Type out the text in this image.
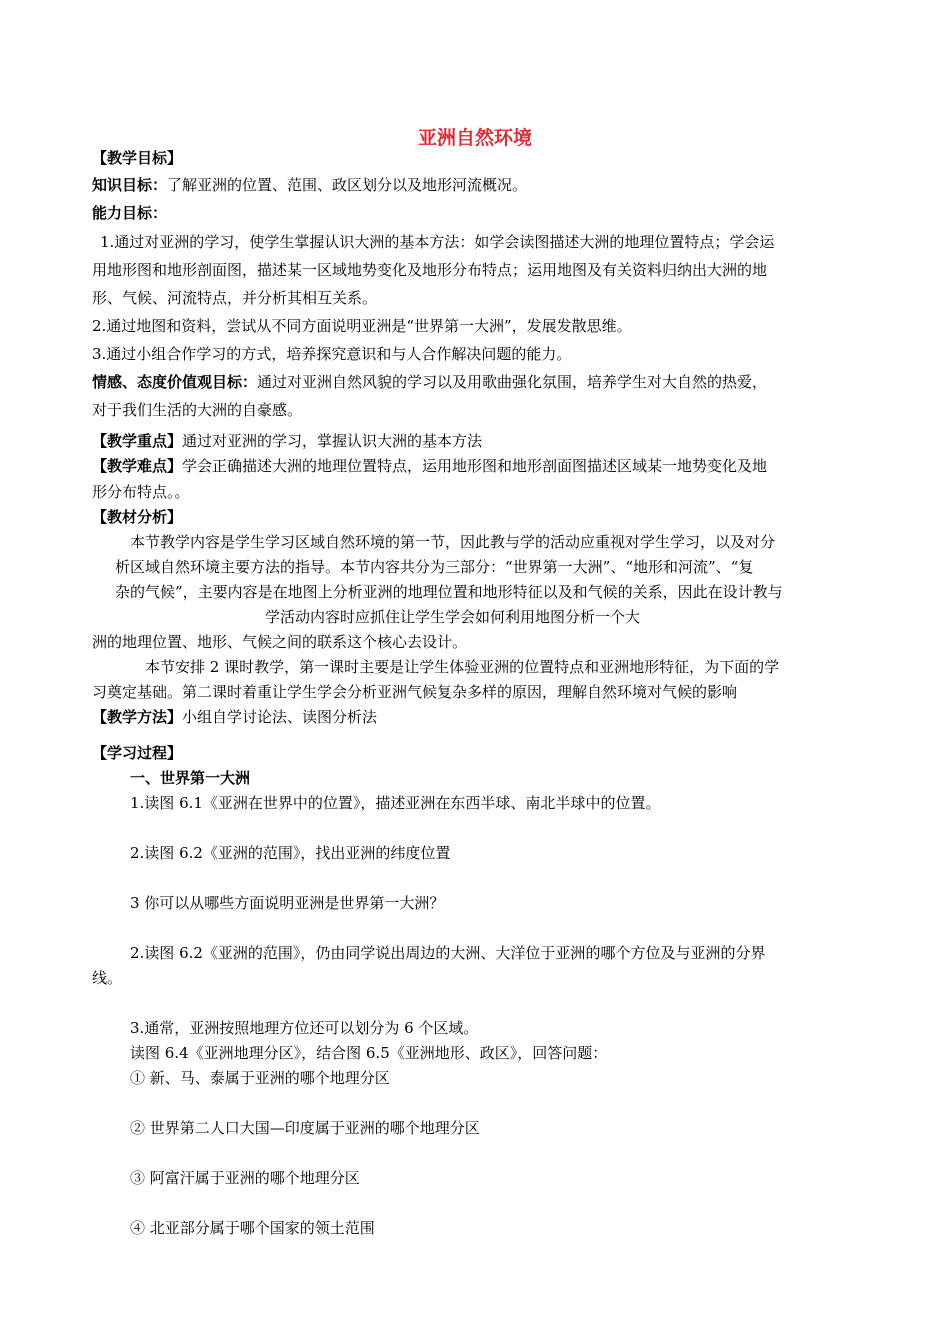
亚洲自然环境
【教学目标】
知识目标：了解亚洲的位置、范围、政区划分以及地形河流概况。
能力目标：
1.通过对亚洲的学习，使学生掌握认识大洲的基本方法：如学会读图描述大洲的地理位置特点；学会运
用地形图和地形剖面图，描述某一区域地势变化及地形分布特点；运用地图及有关资料归纳出大洲的地
形、气候、河流特点，并分析其相互关系。
2.通过地图和资料，尝试从不同方面说明亚洲是“世界第一大洲”，发展发散思维。
3.通过小组合作学习的方式，培养探究意识和与人合作解决问题的能力。
情感、态度价值观目标：通过对亚洲自然风貌的学习以及用歌曲强化氛围，培养学生对大自然的热爱，
对于我们生活的大洲的自豪感。
【教学重点】通过对亚洲的学习，掌握认识大洲的基本方法
【教学难点】学会正确描述大洲的地理位置特点，运用地形图和地形剖面图描述区域某一地势变化及地
形分布特点。。
【教材分析】
本节教学内容是学生学习区域自然环境的第一节，因此教与学的活动应重视对学生学习，以及对分
析区域自然环境主要方法的指导。本节内容共分为三部分：“世界第一大洲”、“地形和河流”、“复
杂的气候”，主要内容是在地图上分析亚洲的地理位置和地形特征以及和气候的关系，因此在设计教与
学活动内容时应抓住让学生学会如何利用地图分析一个大
洲的地理位置、地形、气候之间的联系这个核心去设计。
本节安排 2 课时教学，第一课时主要是让学生体验亚洲的位置特点和亚洲地形特征，为下面的学
习奠定基础。第二课时着重让学生学会分析亚洲气候复杂多样的原因，理解自然环境对气候的影响
【教学方法】小组自学讨论法、读图分析法
【学习过程】
一、世界第一大洲
1.读图 6.1《亚洲在世界中的位置》，描述亚洲在东西半球、南北半球中的位置。
2.读图 6.2《亚洲的范围》，找出亚洲的纬度位置
3 你可以从哪些方面说明亚洲是世界第一大洲？
2.读图 6.2《亚洲的范围》，仍由同学说出周边的大洲、大洋位于亚洲的哪个方位及与亚洲的分界
线。
3.通常，亚洲按照地理方位还可以划分为 6 个区域。
读图 6.4《亚洲地理分区》，结合图 6.5《亚洲地形、政区》，回答问题：
① 新、马、泰属于亚洲的哪个地理分区
② 世界第二人口大国—印度属于亚洲的哪个地理分区
③ 阿富汗属于亚洲的哪个地理分区
④ 北亚部分属于哪个国家的领土范围
